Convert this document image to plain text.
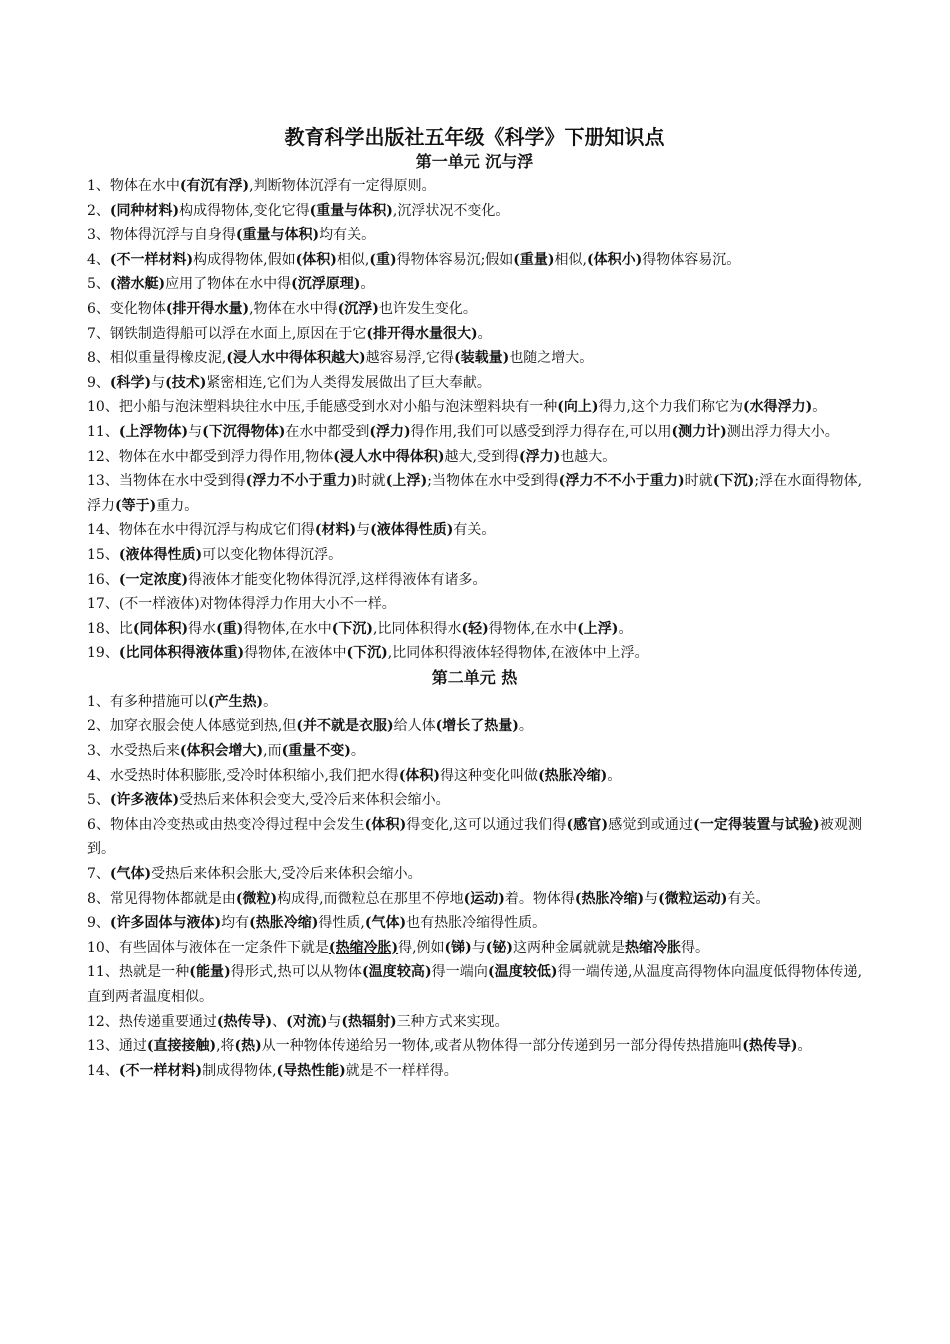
教育科学出版社五年级《科学》下册知识点
第一单元 沉与浮

1、物体在水中(有沉有浮),判断物体沉浮有一定得原则。

2、(同种材料)构成得物体,变化它得(重量与体积),沉浮状况不变化。

3、物体得沉浮与自身得(重量与体积)均有关。

4、(不一样材料)构成得物体,假如(体积)相似,(重)得物体容易沉;假如(重量)相似,(体积小)得物体容易沉。

5、(潜水艇)应用了物体在水中得(沉浮原理)。

6、变化物体(排开得水量),物体在水中得(沉浮)也许发生变化。

7、钢铁制造得船可以浮在水面上,原因在于它(排开得水量很大)。

8、相似重量得橡皮泥,(浸人水中得体积越大)越容易浮,它得(装载量)也随之增大。

9、(科学)与(技术)紧密相连,它们为人类得发展做出了巨大奉献。

10、把小船与泡沫塑料块往水中压,手能感受到水对小船与泡沫塑料块有一种(向上)得力,这个力我们称它为(水得浮力)。

11、(上浮物体)与(下沉得物体)在水中都受到(浮力)得作用,我们可以感受到浮力得存在,可以用(测力计)测出浮力得大小。

12、物体在水中都受到浮力得作用,物体(浸人水中得体积)越大,受到得(浮力)也越大。

13、当物体在水中受到得(浮力不小于重力)时就(上浮);当物体在水中受到得(浮力不不小于重力)时就(下沉);浮在水面得物体,浮力(等于)重力。

14、物体在水中得沉浮与构成它们得(材料)与(液体得性质)有关。

15、(液体得性质)可以变化物体得沉浮。

16、(一定浓度)得液体才能变化物体得沉浮,这样得液体有诸多。

17、(不一样液体)对物体得浮力作用大小不一样。

18、比(同体积)得水(重)得物体,在水中(下沉),比同体积得水(轻)得物体,在水中(上浮)。

19、(比同体积得液体重)得物体,在液体中(下沉),比同体积得液体轻得物体,在液体中上浮。

第二单元 热

1、有多种措施可以(产生热)。

2、加穿衣服会使人体感觉到热,但(并不就是衣服)给人体(增长了热量)。

3、水受热后来(体积会增大),而(重量不变)。

4、水受热时体积膨胀,受冷时体积缩小,我们把水得(体积)得这种变化叫做(热胀冷缩)。

5、(许多液体)受热后来体积会变大,受冷后来体积会缩小。

6、物体由冷变热或由热变冷得过程中会发生(体积)得变化,这可以通过我们得(感官)感觉到或通过(一定得装置与试验)被观测到。

7、(气体)受热后来体积会胀大,受冷后来体积会缩小。

8、常见得物体都就是由(微粒)构成得,而微粒总在那里不停地(运动)着。物体得(热胀冷缩)与(微粒运动)有关。

9、(许多固体与液体)均有(热胀冷缩)得性质,(气体)也有热胀冷缩得性质。

10、有些固体与液体在一定条件下就是(热缩冷胀)得,例如(锑)与(铋)这两种金属就就是热缩冷胀得。

11、热就是一种(能量)得形式,热可以从物体(温度较高)得一端向(温度较低)得一端传递,从温度高得物体向温度低得物体传递,直到两者温度相似。

12、热传递重要通过(热传导)、(对流)与(热辐射)三种方式来实现。

13、通过(直接接触),将(热)从一种物体传递给另一物体,或者从物体得一部分传递到另一部分得传热措施叫(热传导)。

14、(不一样材料)制成得物体,(导热性能)就是不一样样得。
